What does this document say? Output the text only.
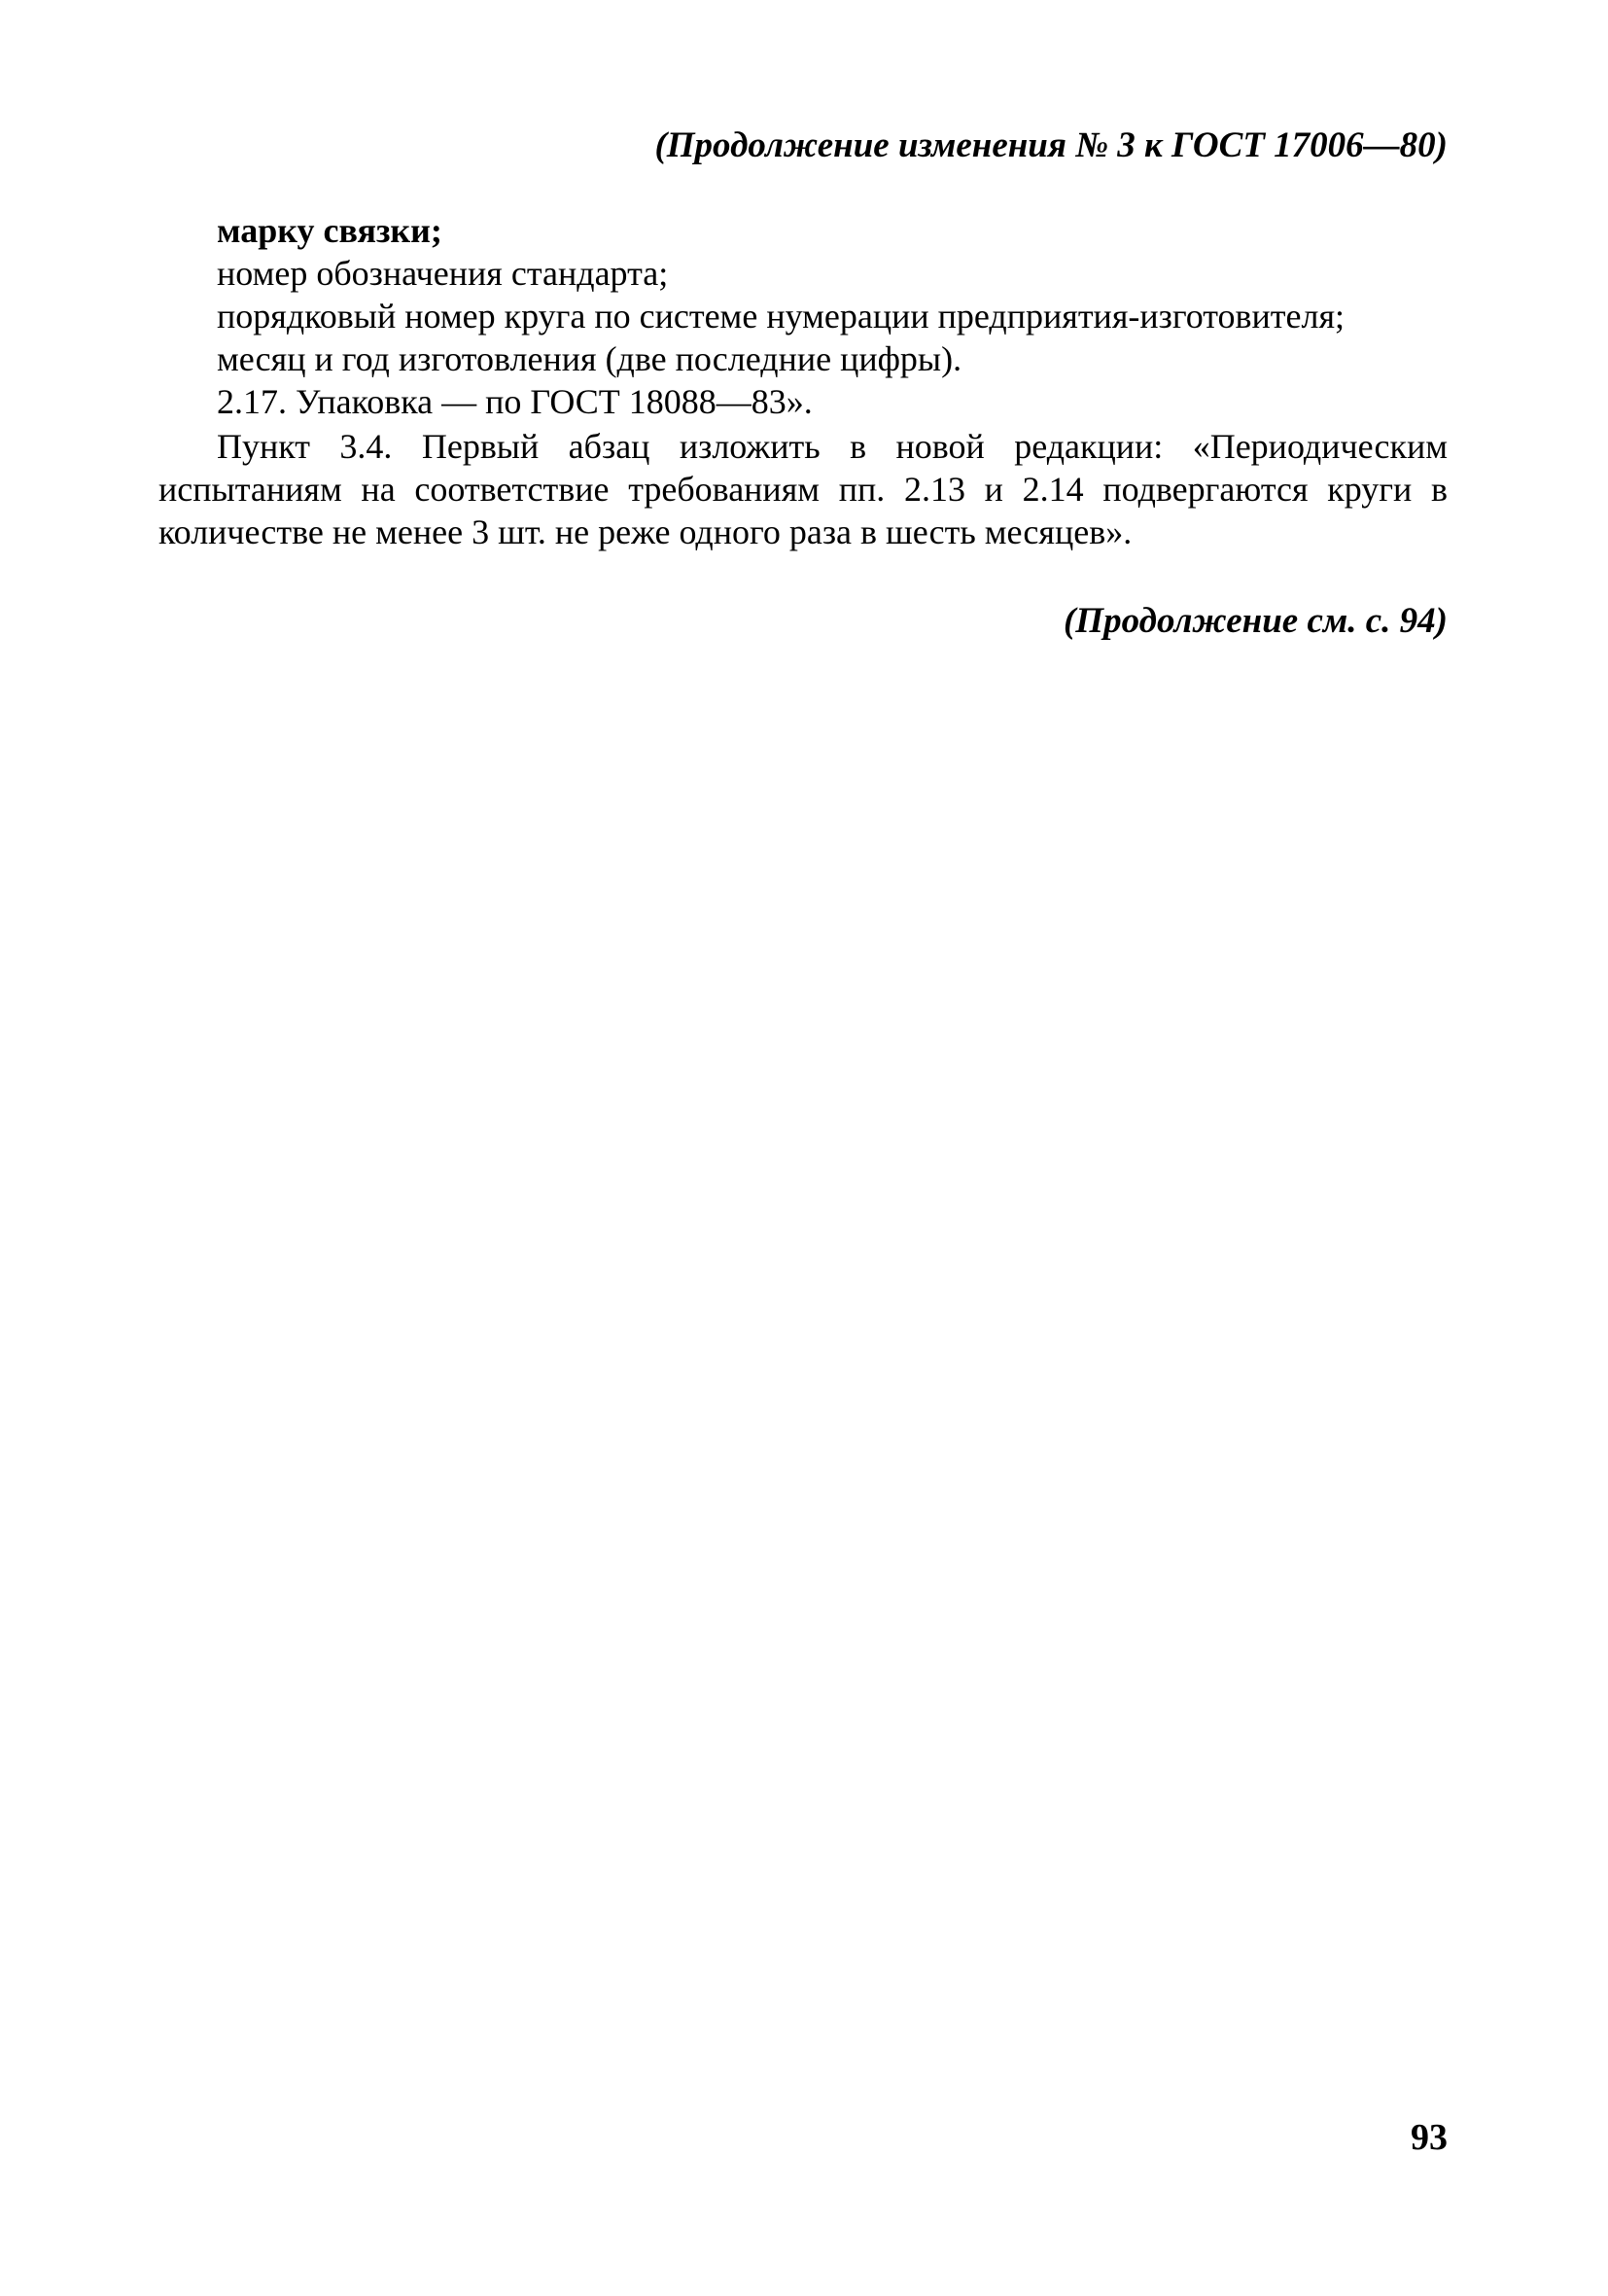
(Продолжение изменения № 3 к ГОСТ 17006—80)
марку связки;
номер обозначения стандарта;
порядковый номер круга по системе нумерации предприятия-изготовителя;
месяц и год изготовления (две последние цифры).
2.17. Упаковка — по ГОСТ 18088—83».
Пункт 3.4. Первый абзац изложить в новой редакции: «Периодическим испытаниям на соответствие требованиям пп. 2.13 и 2.14 подвергаются круги в количестве не менее 3 шт. не реже одного раза в шесть месяцев».
(Продолжение см. с. 94)
93
